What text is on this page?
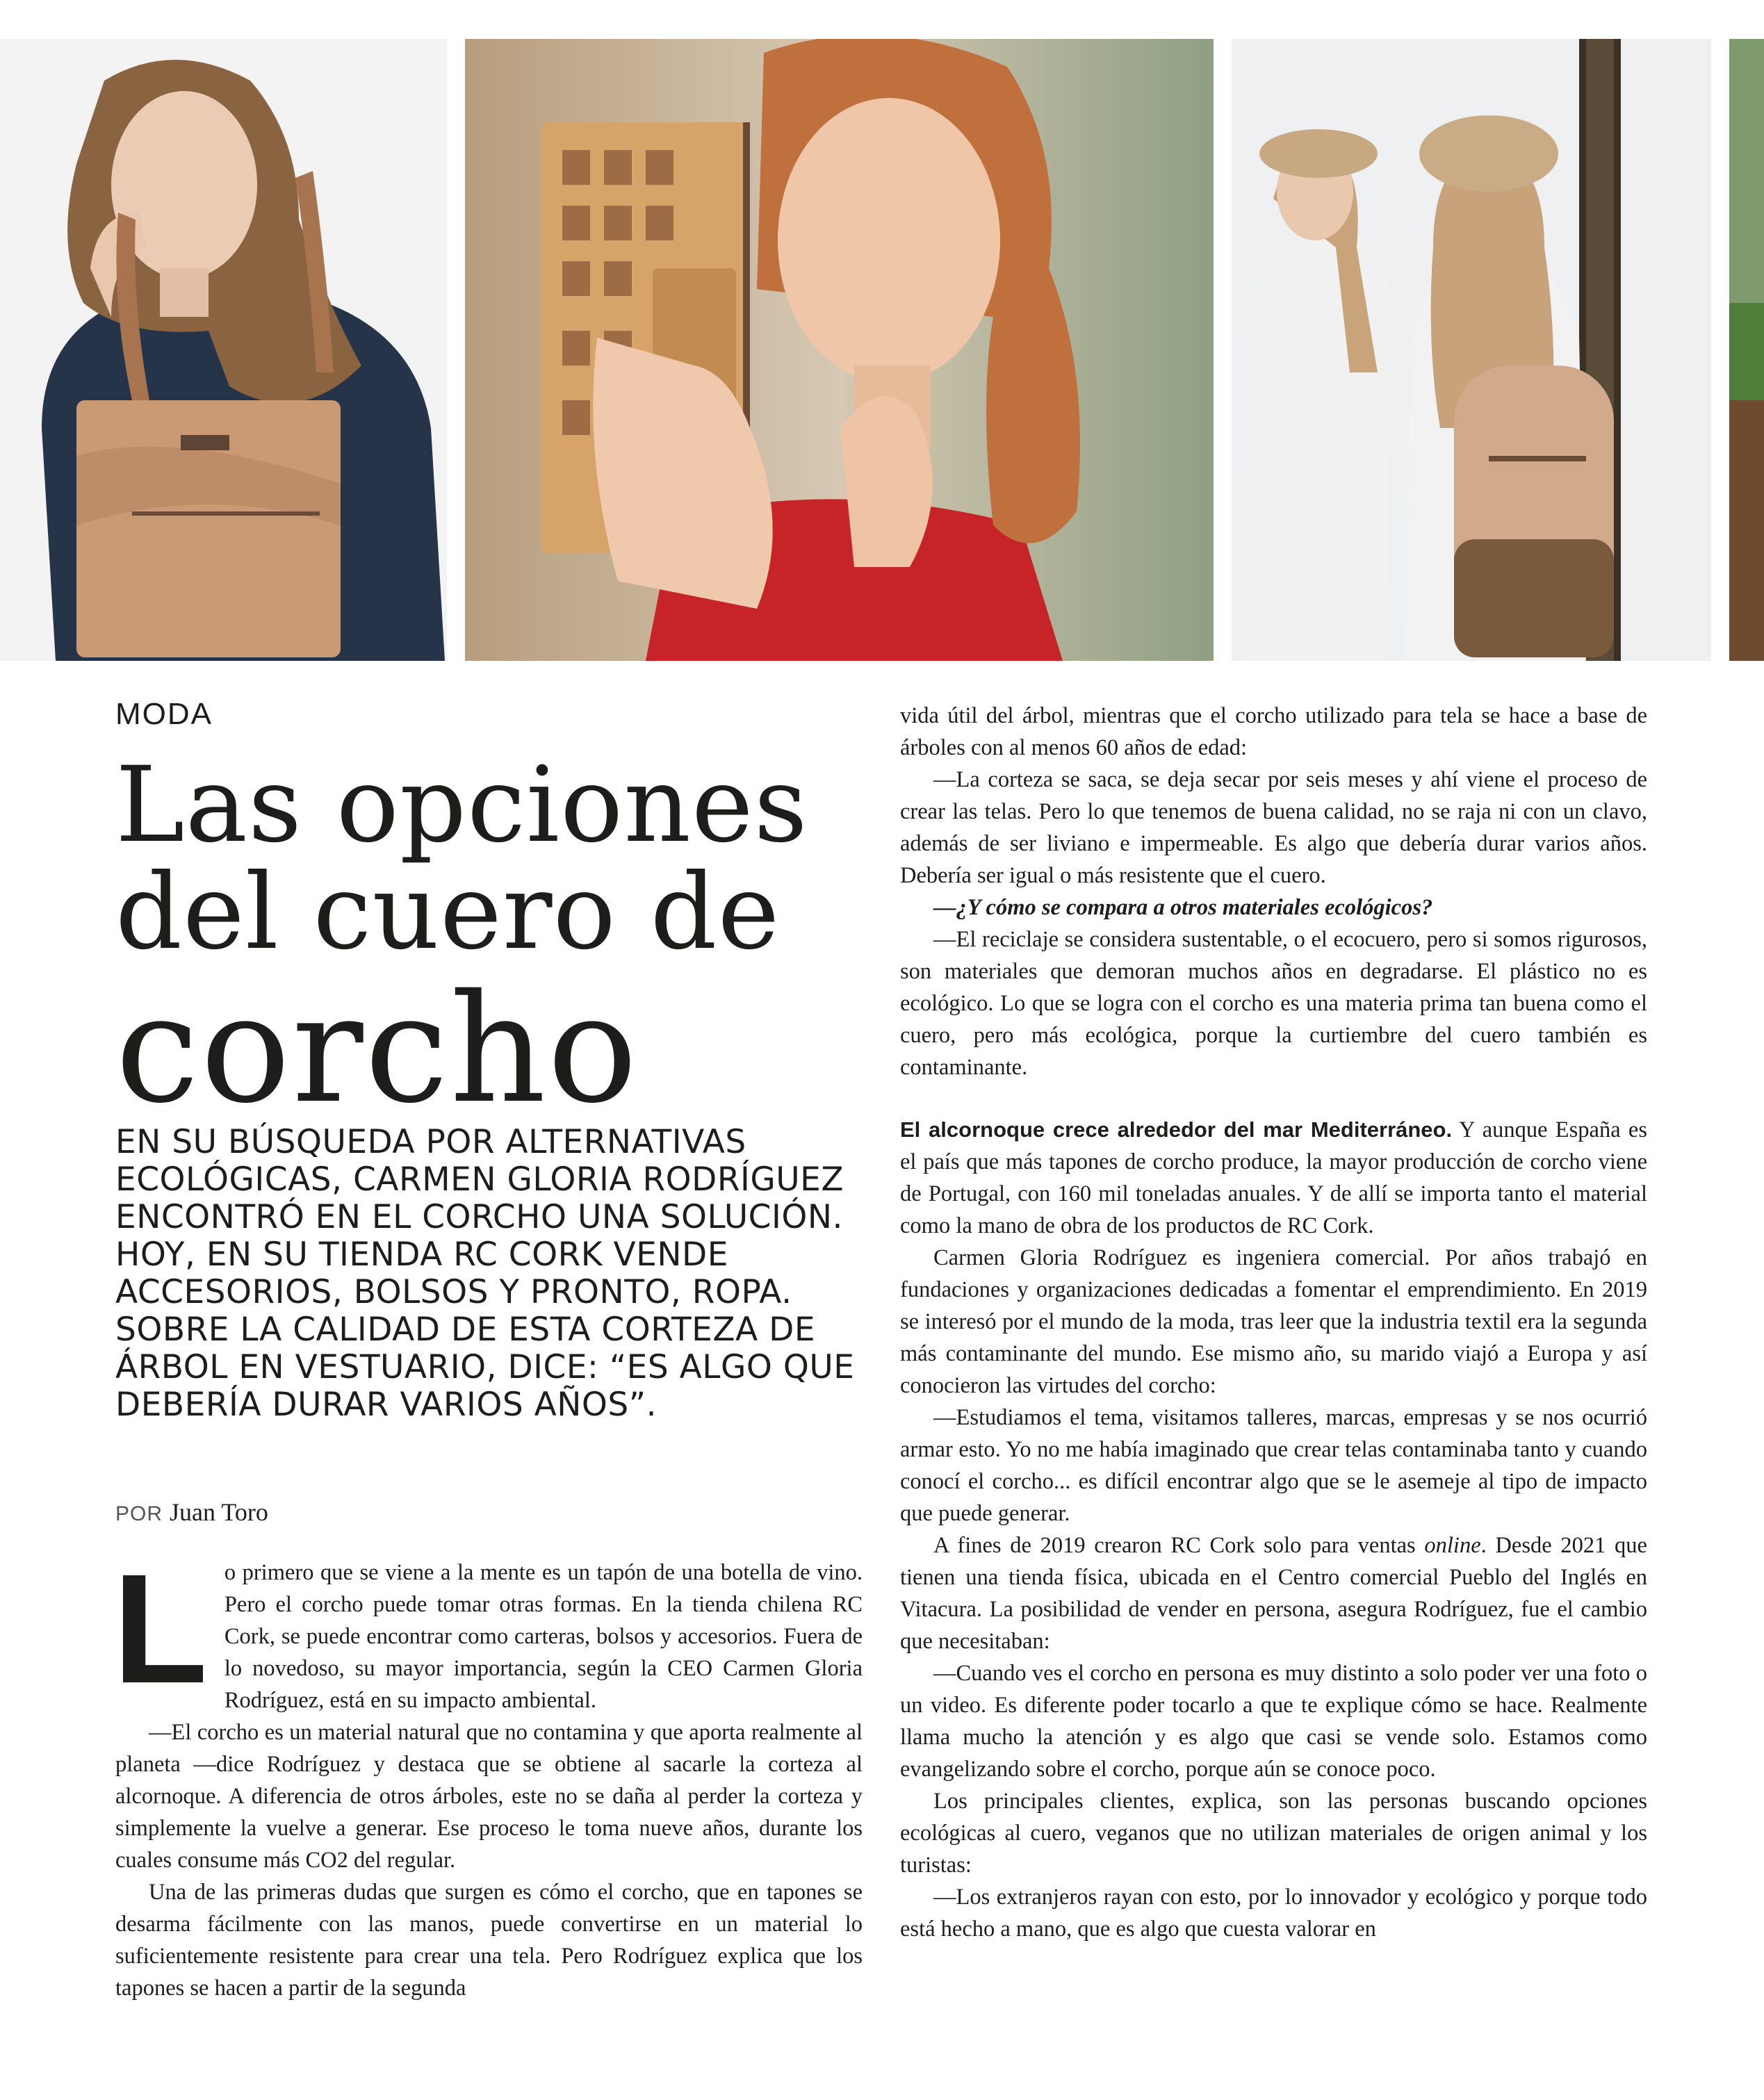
MODA
Las opciones
del cuero de
corcho

EN SU BÚSQUEDA POR ALTERNATIVAS ECOLÓGICAS, CARMEN GLORIA RODRÍGUEZ ENCONTRÓ EN EL CORCHO UNA SOLUCIÓN. HOY, EN SU TIENDA RC CORK VENDE ACCESORIOS, BOLSOS Y PRONTO, ROPA. SOBRE LA CALIDAD DE ESTA CORTEZA DE ÁRBOL EN VESTUARIO, DICE: “ES ALGO QUE DEBERÍA DURAR VARIOS AÑOS”.

POR Juan Toro

Lo primero que se viene a la mente es un tapón de una botella de vino. Pero el corcho puede tomar otras formas. En la tienda chilena RC Cork, se puede encontrar como carteras, bolsos y accesorios. Fuera de lo novedoso, su mayor importancia, según la CEO Carmen Gloria Rodríguez, está en su impacto ambiental.

—El corcho es un material natural que no contamina y que aporta realmente al planeta —dice Rodríguez y destaca que se obtiene al sacarle la corteza al alcornoque. A diferencia de otros árboles, este no se daña al perder la corteza y simplemente la vuelve a generar. Ese proceso le toma nueve años, durante los cuales consume más CO2 del regular.

Una de las primeras dudas que surgen es cómo el corcho, que en tapones se desarma fácilmente con las manos, puede convertirse en un material lo suficientemente resistente para crear una tela. Pero Rodríguez explica que los tapones se hacen a partir de la segunda

vida útil del árbol, mientras que el corcho utilizado para tela se hace a base de árboles con al menos 60 años de edad:

—La corteza se saca, se deja secar por seis meses y ahí viene el proceso de crear las telas. Pero lo que tenemos de buena calidad, no se raja ni con un clavo, además de ser liviano e impermeable. Es algo que debería durar varios años. Debería ser igual o más resistente que el cuero.

—¿Y cómo se compara a otros materiales ecológicos?

—El reciclaje se considera sustentable, o el ecocuero, pero si somos rigurosos, son materiales que demoran muchos años en degradarse. El plástico no es ecológico. Lo que se logra con el corcho es una materia prima tan buena como el cuero, pero más ecológica, porque la curtiembre del cuero también es contaminante.

El alcornoque crece alrededor del mar Mediterráneo. Y aunque España es el país que más tapones de corcho produce, la mayor producción de corcho viene de Portugal, con 160 mil toneladas anuales. Y de allí se importa tanto el material como la mano de obra de los productos de RC Cork.

Carmen Gloria Rodríguez es ingeniera comercial. Por años trabajó en fundaciones y organizaciones dedicadas a fomentar el emprendimiento. En 2019 se interesó por el mundo de la moda, tras leer que la industria textil era la segunda más contaminante del mundo. Ese mismo año, su marido viajó a Europa y así conocieron las virtudes del corcho:

—Estudiamos el tema, visitamos talleres, marcas, empresas y se nos ocurrió armar esto. Yo no me había imaginado que crear telas contaminaba tanto y cuando conocí el corcho... es difícil encontrar algo que se le asemeje al tipo de impacto que puede generar.

A fines de 2019 crearon RC Cork solo para ventas online. Desde 2021 que tienen una tienda física, ubicada en el Centro comercial Pueblo del Inglés en Vitacura. La posibilidad de vender en persona, asegura Rodríguez, fue el cambio que necesitaban:

—Cuando ves el corcho en persona es muy distinto a solo poder ver una foto o un video. Es diferente poder tocarlo a que te explique cómo se hace. Realmente llama mucho la atención y es algo que casi se vende solo. Estamos como evangelizando sobre el corcho, porque aún se conoce poco.

Los principales clientes, explica, son las personas buscando opciones ecológicas al cuero, veganos que no utilizan materiales de origen animal y los turistas:

—Los extranjeros rayan con esto, por lo innovador y ecológico y porque todo está hecho a mano, que es algo que cuesta valorar en
